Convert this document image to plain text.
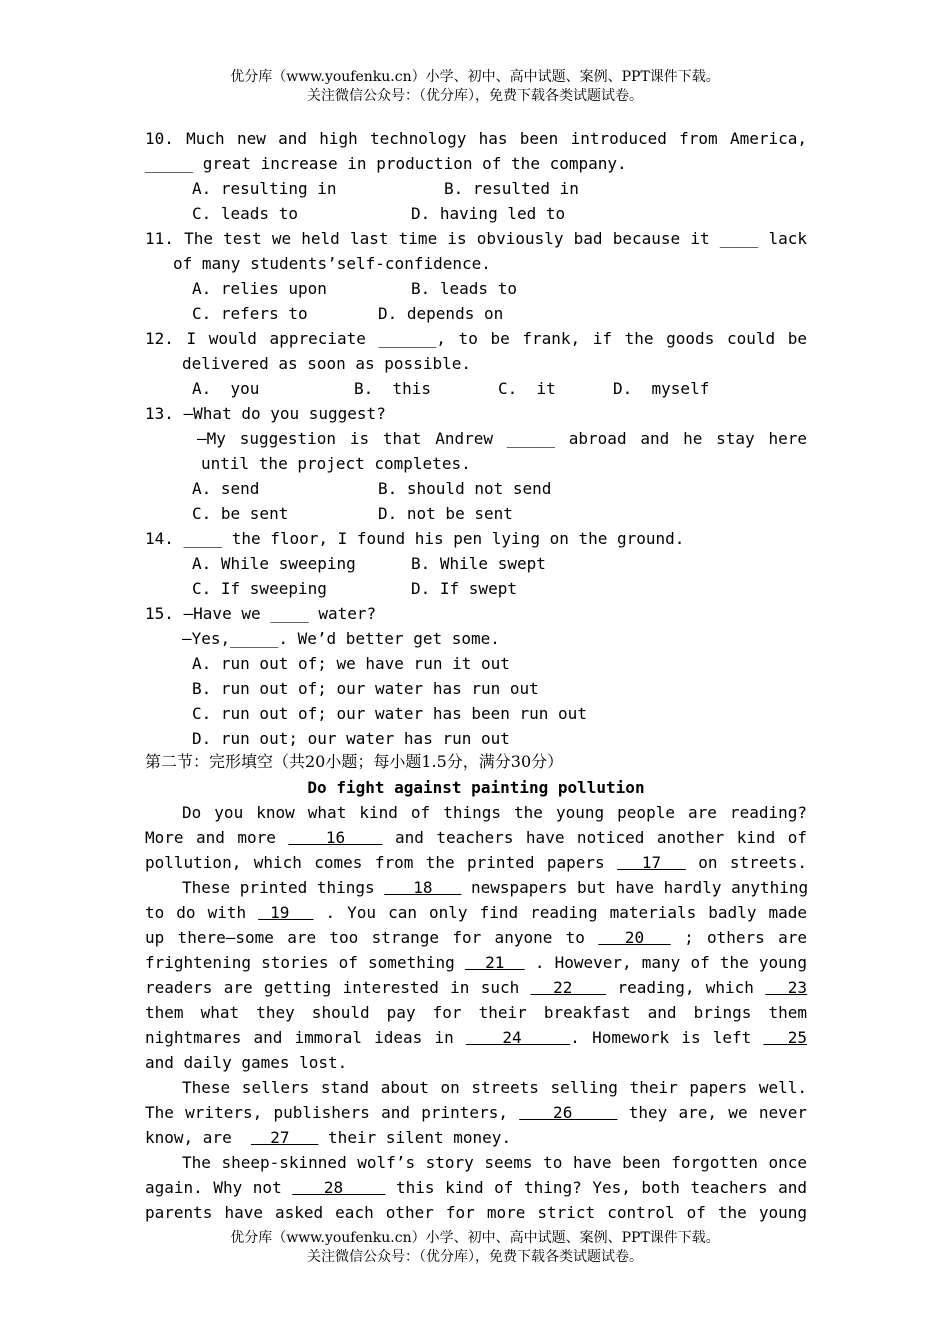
优分库（www.youfenku.cn）小学、初中、高中试题、案例、PPT课件下载。
关注微信公众号：（优分库），免费下载各类试题试卷。
10. Much new and high technology has been introduced from America,
_____ great increase in production of the company.
A. resulting in	B. resulted in
C. leads to	D. having led to
11. The test we held last time is obviously bad because it ____ lack
of many students’self-confidence.
A. relies upon	B. leads to
C. refers to	D. depends on
12. I would appreciate ______, to be frank, if the goods could be
delivered as soon as possible.
A.  you	B.  this	C.  it	D.  myself
13. —What do you suggest?
—My suggestion is that Andrew _____ abroad and he stay here
until the project completes.
A. send	B. should not send
C. be sent	D. not be sent
14. ____ the floor, I found his pen lying on the ground.
A. While sweeping	B. While swept
C. If sweeping	D. If swept
15. —Have we ____ water?
—Yes,_____. We’d better get some.
A. run out of; we have run it out
B. run out of; our water has run out
C. run out of; our water has been run out
D. run out; our water has run out
第二节：完形填空（共20小题；每小题1.5分，满分30分）
Do fight against painting pollution
Do you know what kind of things the young people are reading?
More and more    16    and teachers have noticed another kind of
pollution, which comes from the printed papers   17   on streets.
These printed things    18    newspapers but have hardly anything
to do with  19   . You can only find reading materials badly made
up there—some are too strange for anyone to   20   ; others are
frightening stories of something   21   . However, many of the young
readers are getting interested in such   22    reading, which   23
them what they should pay for their breakfast and brings them
nightmares and immoral ideas in    24    . Homework is left   25
and daily games lost.
These sellers stand about on streets selling their papers well.
The writers, publishers and printers,    26     they are, we never
know, are    27    their silent money.
The sheep-skinned wolf’s story seems to have been forgotten once
again. Why not    28     this kind of thing? Yes, both teachers and
parents have asked each other for more strict control of the young
优分库（www.youfenku.cn）小学、初中、高中试题、案例、PPT课件下载。
关注微信公众号：（优分库），免费下载各类试题试卷。
